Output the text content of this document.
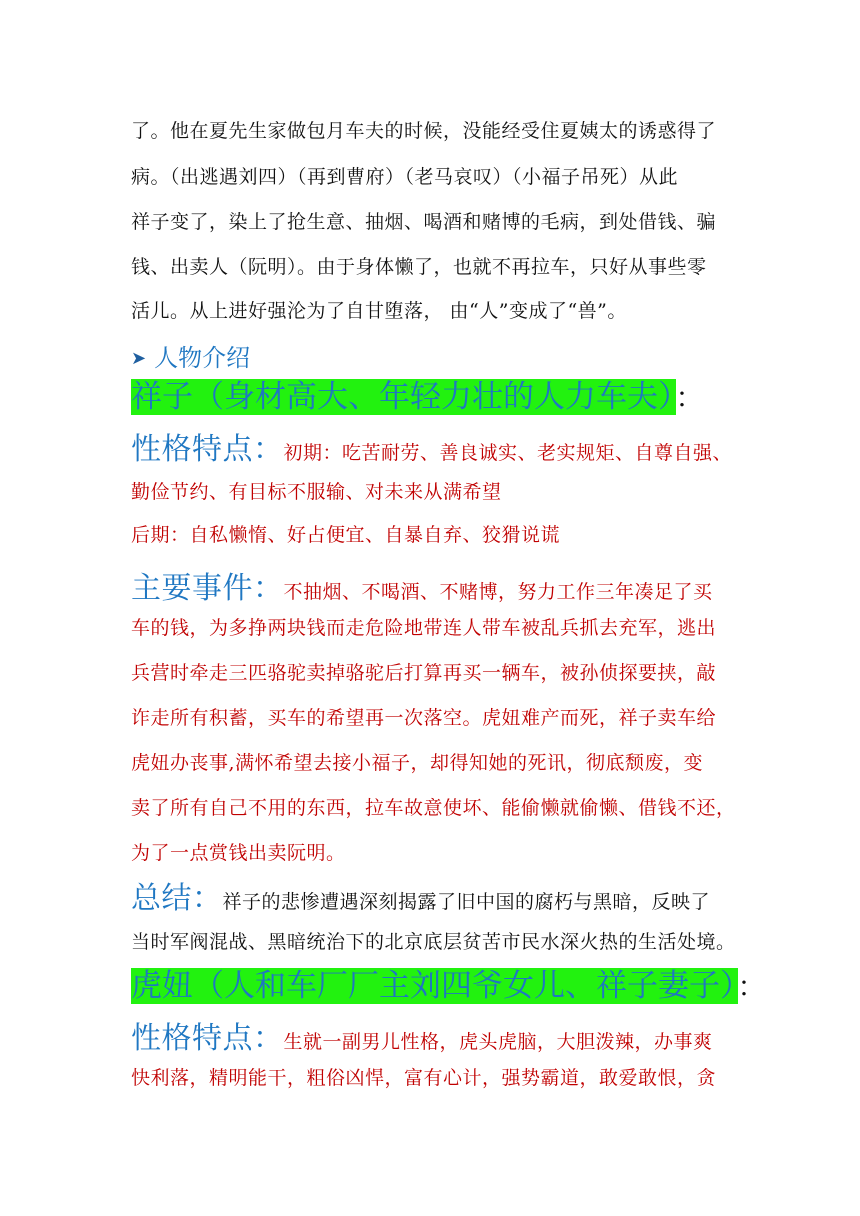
了。他在夏先生家做包月车夫的时候，没能经受住夏姨太的诱惑得了
病。（出逃遇刘四）（再到曹府）（老马哀叹）（小福子吊死）从此
祥子变了，染上了抢生意、抽烟、喝酒和赌博的毛病，到处借钱、骗
钱、出卖人（阮明）。由于身体懒了，也就不再拉车，只好从事些零
活儿。从上进好强沦为了自甘堕落， 由“人”变成了“兽”。
➤ 人物介绍
祥子（身材高大、年轻力壮的人力车夫）：
性格特点：初期：吃苦耐劳、善良诚实、老实规矩、自尊自强、
勤俭节约、有目标不服输、对未来从满希望
后期：自私懒惰、好占便宜、自暴自弃、狡猾说谎
主要事件：不抽烟、不喝酒、不赌博，努力工作三年凑足了买
车的钱，为多挣两块钱而走危险地带连人带车被乱兵抓去充军，逃出
兵营时牵走三匹骆驼卖掉骆驼后打算再买一辆车，被孙侦探要挟，敲
诈走所有积蓄，买车的希望再一次落空。虎妞难产而死，祥子卖车给
虎妞办丧事,满怀希望去接小福子，却得知她的死讯，彻底颓废，变
卖了所有自己不用的东西，拉车故意使坏、能偷懒就偷懒、借钱不还，
为了一点赏钱出卖阮明。
总结：祥子的悲惨遭遇深刻揭露了旧中国的腐朽与黑暗，反映了
当时军阀混战、黑暗统治下的北京底层贫苦市民水深火热的生活处境。
虎妞（人和车厂厂主刘四爷女儿、祥子妻子）：
性格特点：生就一副男儿性格，虎头虎脑，大胆泼辣，办事爽
快利落，精明能干，粗俗凶悍，富有心计，强势霸道，敢爱敢恨，贪
